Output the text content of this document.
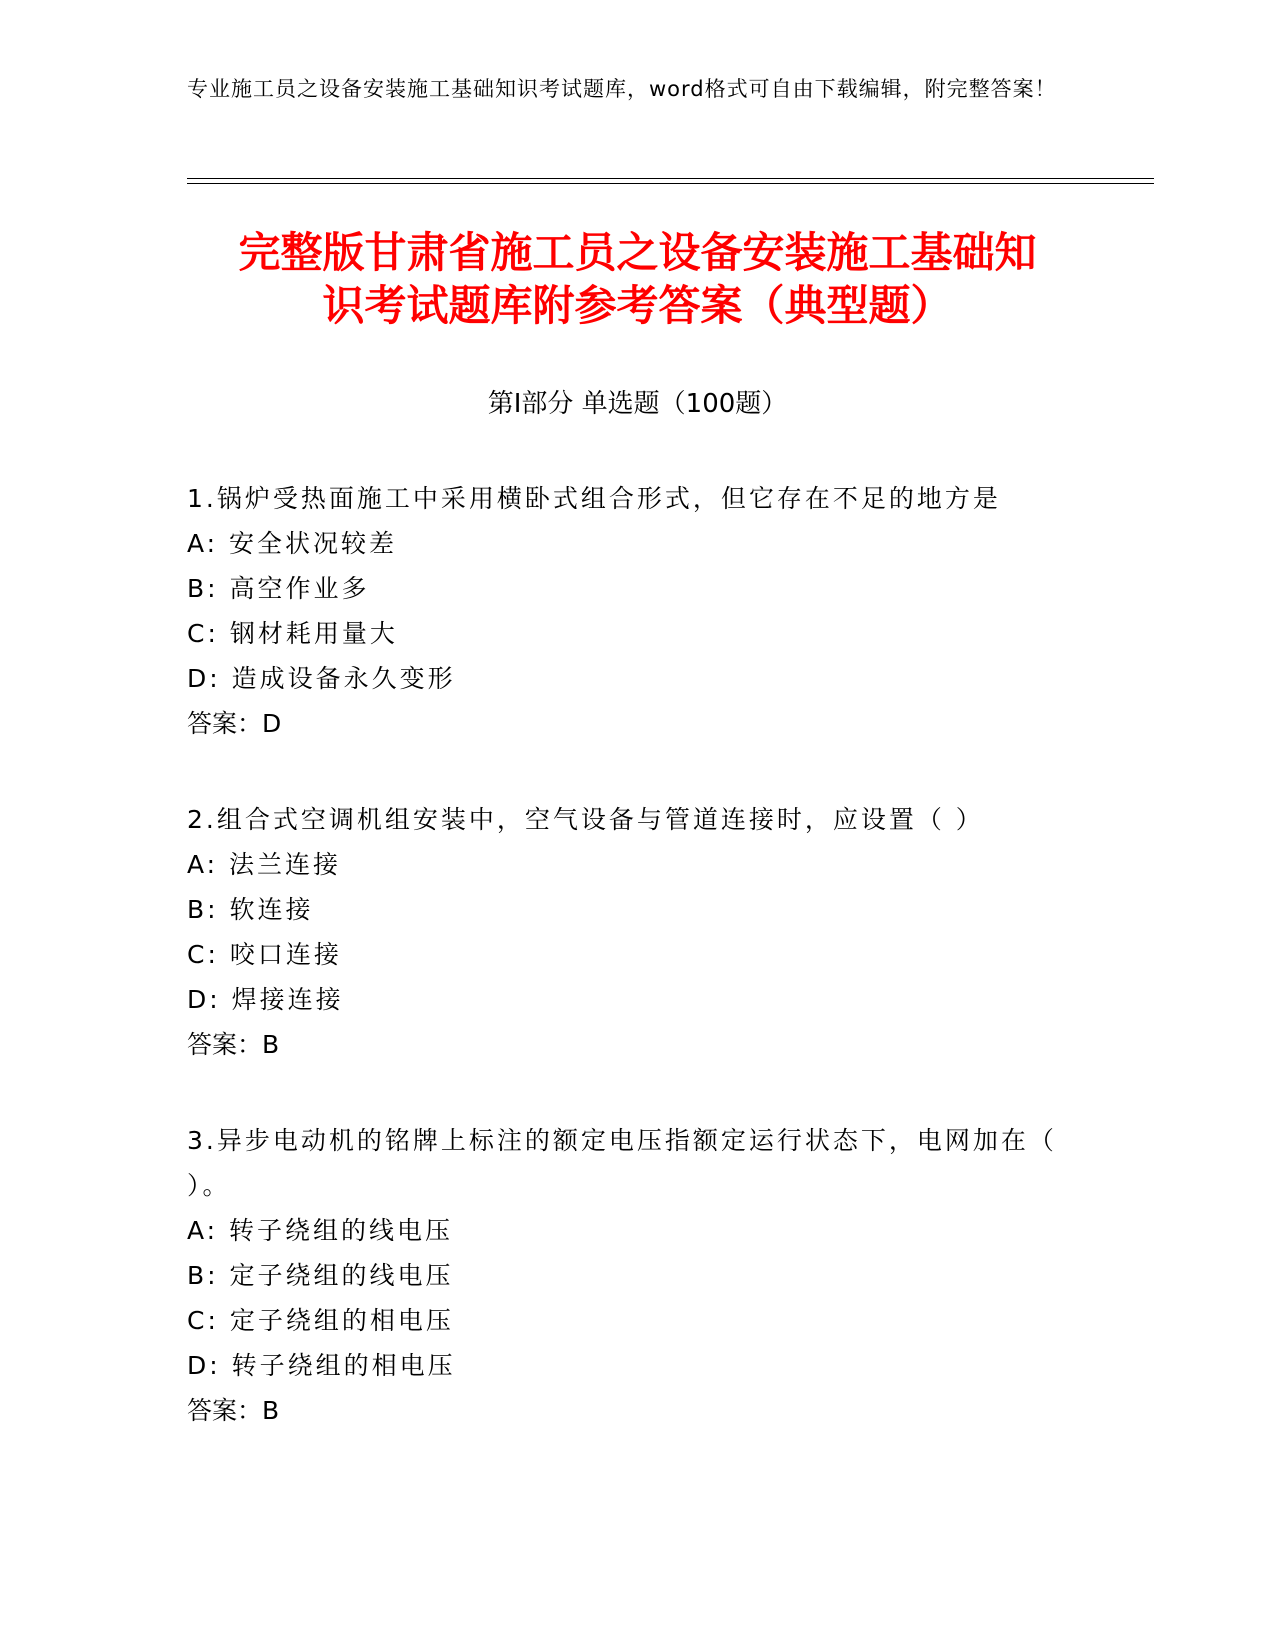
专业施工员之设备安装施工基础知识考试题库，word格式可自由下载编辑，附完整答案！
完整版甘肃省施工员之设备安装施工基础知
识考试题库附参考答案（典型题）
第Ⅰ部分 单选题（100题）
1.锅炉受热面施工中采用横卧式组合形式，但它存在不足的地方是
A: 安全状况较差
B: 高空作业多
C: 钢材耗用量大
D: 造成设备永久变形
答案：D
2.组合式空调机组安装中，空气设备与管道连接时，应设置（ ）
A: 法兰连接
B: 软连接
C: 咬口连接
D: 焊接连接
答案：B
3.异步电动机的铭牌上标注的额定电压指额定运行状态下，电网加在（ ）。
A: 转子绕组的线电压
B: 定子绕组的线电压
C: 定子绕组的相电压
D: 转子绕组的相电压
答案：B
